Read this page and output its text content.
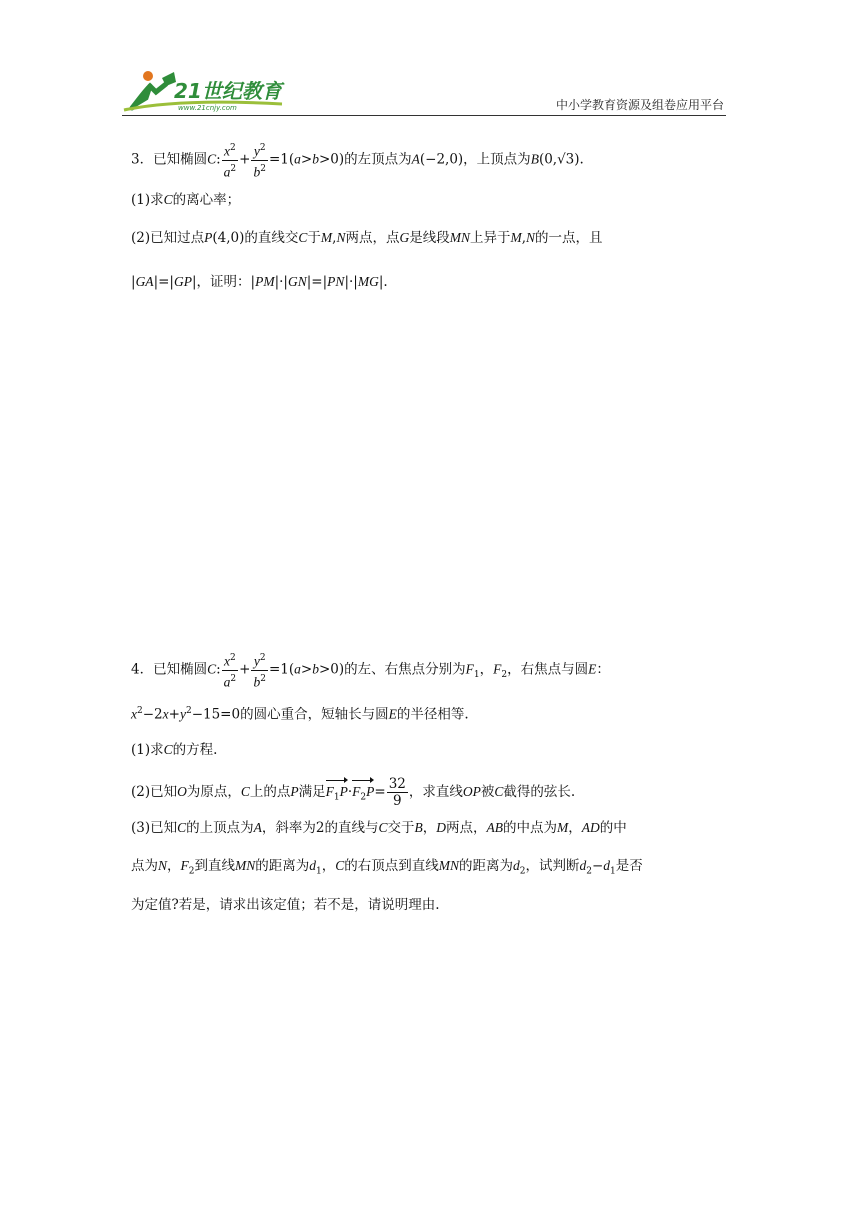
21世纪教育
www.21cnjy.com	中小学教育资源及组卷应用平台
3．已知椭圆C: $\frac{x^2}{a^2} + \frac{y^2}{b^2} =1(a>b>0)$的左顶点为A(−2,0)，上顶点为B(0,√3).
(1)求C的离心率；
(2)已知过点P(4,0)的直线交C于M,N两点，点G是线段MN上异于M,N的一点，且
|GA|=|GP|，证明：|PM|·|GN|=|PN|·|MG|.
4．已知椭圆C: $\frac{x^2}{a^2} + \frac{y^2}{b^2} =1(a>b>0)$的左、右焦点分别为$F_1$，$F_2$，右焦点与圆E：
$x^2-2x+y^2-15=0$的圆心重合，短轴长与圆E的半径相等.
(1)求C的方程.
(2)已知O为原点，C上的点P满足$F_1P\cdot F_2P= \frac{32}{9}$ ，求直线OP被C截得的弦长.
(3)已知C的上顶点为A，斜率为2的直线与C交于B，D两点，AB的中点为M，AD的中
点为N，$F_2$到直线MN的距离为$d_1$，C的右顶点到直线MN的距离为$d_2$，试判断$d_2-d_1$是否
为定值?若是，请求出该定值；若不是，请说明理由.
